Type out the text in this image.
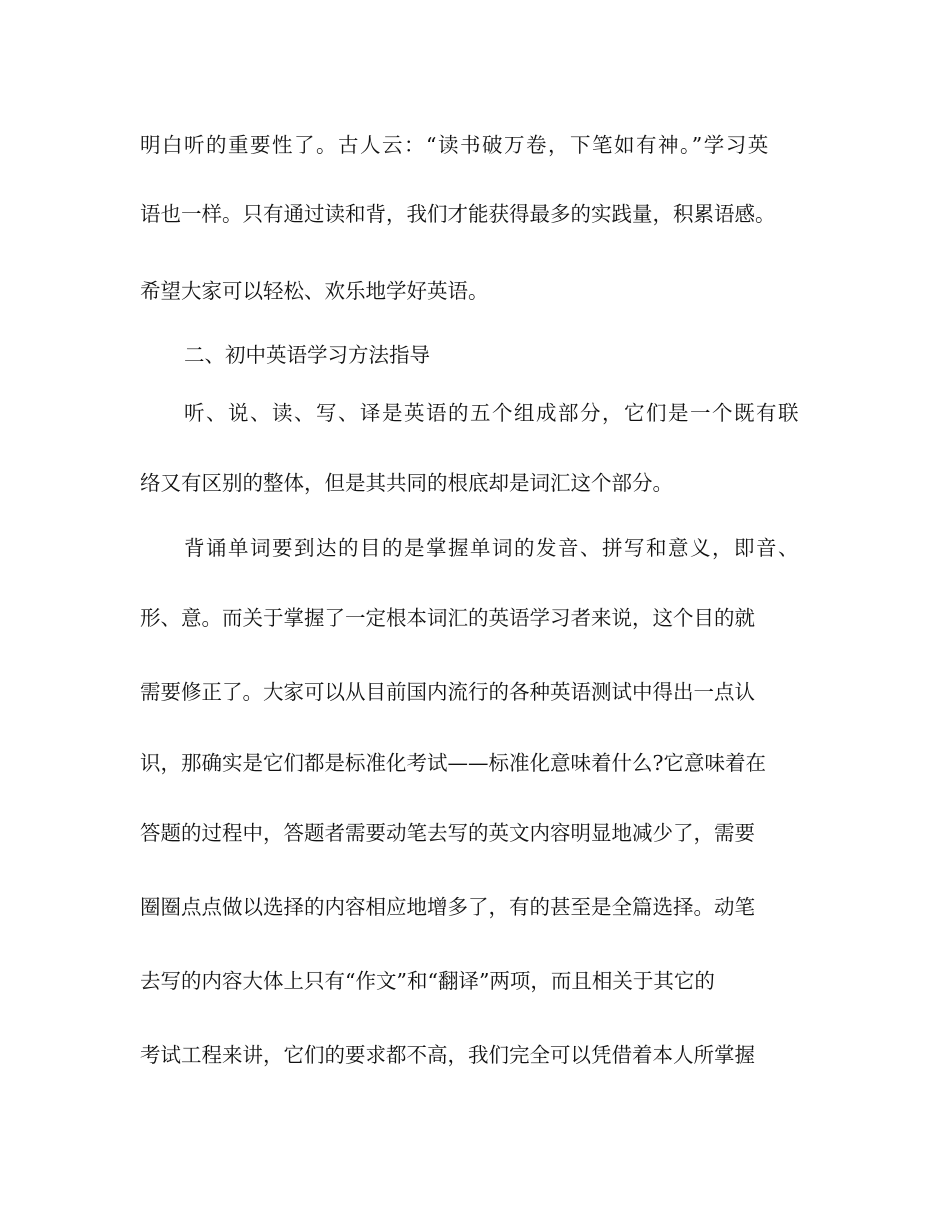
明白听的重要性了。古人云：“读书破万卷，下笔如有神。”学习英
语也一样。只有通过读和背，我们才能获得最多的实践量，积累语感。
希望大家可以轻松、欢乐地学好英语。
二、初中英语学习方法指导
听、说、读、写、译是英语的五个组成部分，它们是一个既有联
络又有区别的整体，但是其共同的根底却是词汇这个部分。
背诵单词要到达的目的是掌握单词的发音、拼写和意义，即音、
形、意。而关于掌握了一定根本词汇的英语学习者来说，这个目的就
需要修正了。大家可以从目前国内流行的各种英语测试中得出一点认
识，那确实是它们都是标准化考试——标准化意味着什么?它意味着在
答题的过程中，答题者需要动笔去写的英文内容明显地减少了，需要
圈圈点点做以选择的内容相应地增多了，有的甚至是全篇选择。动笔
去写的内容大体上只有“作文”和“翻译”两项，而且相关于其它的
考试工程来讲，它们的要求都不高，我们完全可以凭借着本人所掌握
